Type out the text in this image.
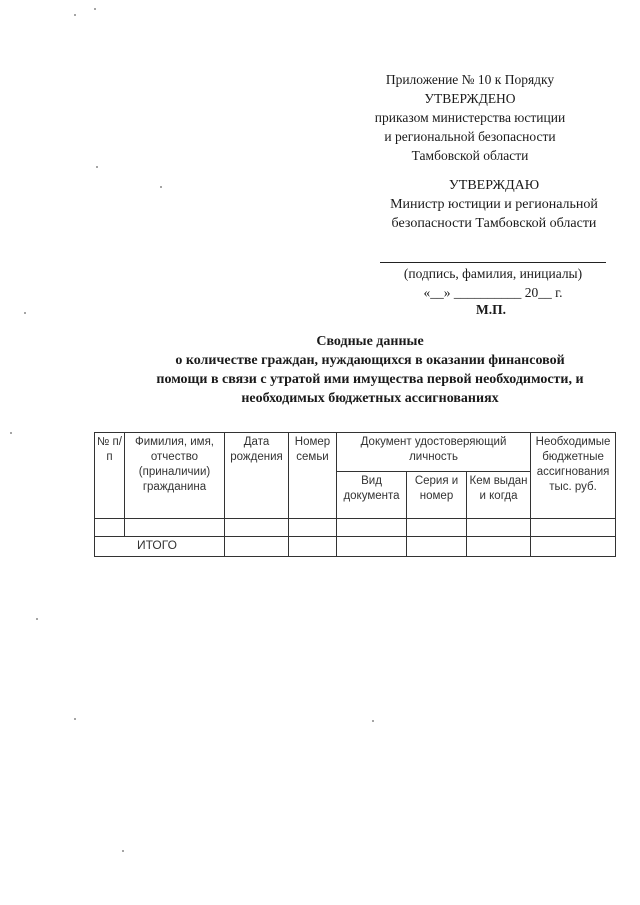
Приложение № 10 к Порядку
УТВЕРЖДЕНО
приказом министерства юстиции
и региональной безопасности
Тамбовской области
УТВЕРЖДАЮ
Министр юстиции и региональной
безопасности Тамбовской области
(подпись, фамилия, инициалы)
«__» __________ 20__ г.
М.П.
Сводные данные
о количестве граждан, нуждающихся в оказании финансовой
помощи в связи с утратой ими имущества первой необходимости, и
необходимых бюджетных ассигнованиях
№ п/п	Фимилия, имя, отчество (приналичии) гражданина	Дата рождения	Номер семьи	Документ удостоверяющий личность			Необходимые бюджетные ассигнования тыс. руб.
				Вид документа	Серия и номер	Кем выдан и когда	

ИТОГО							
